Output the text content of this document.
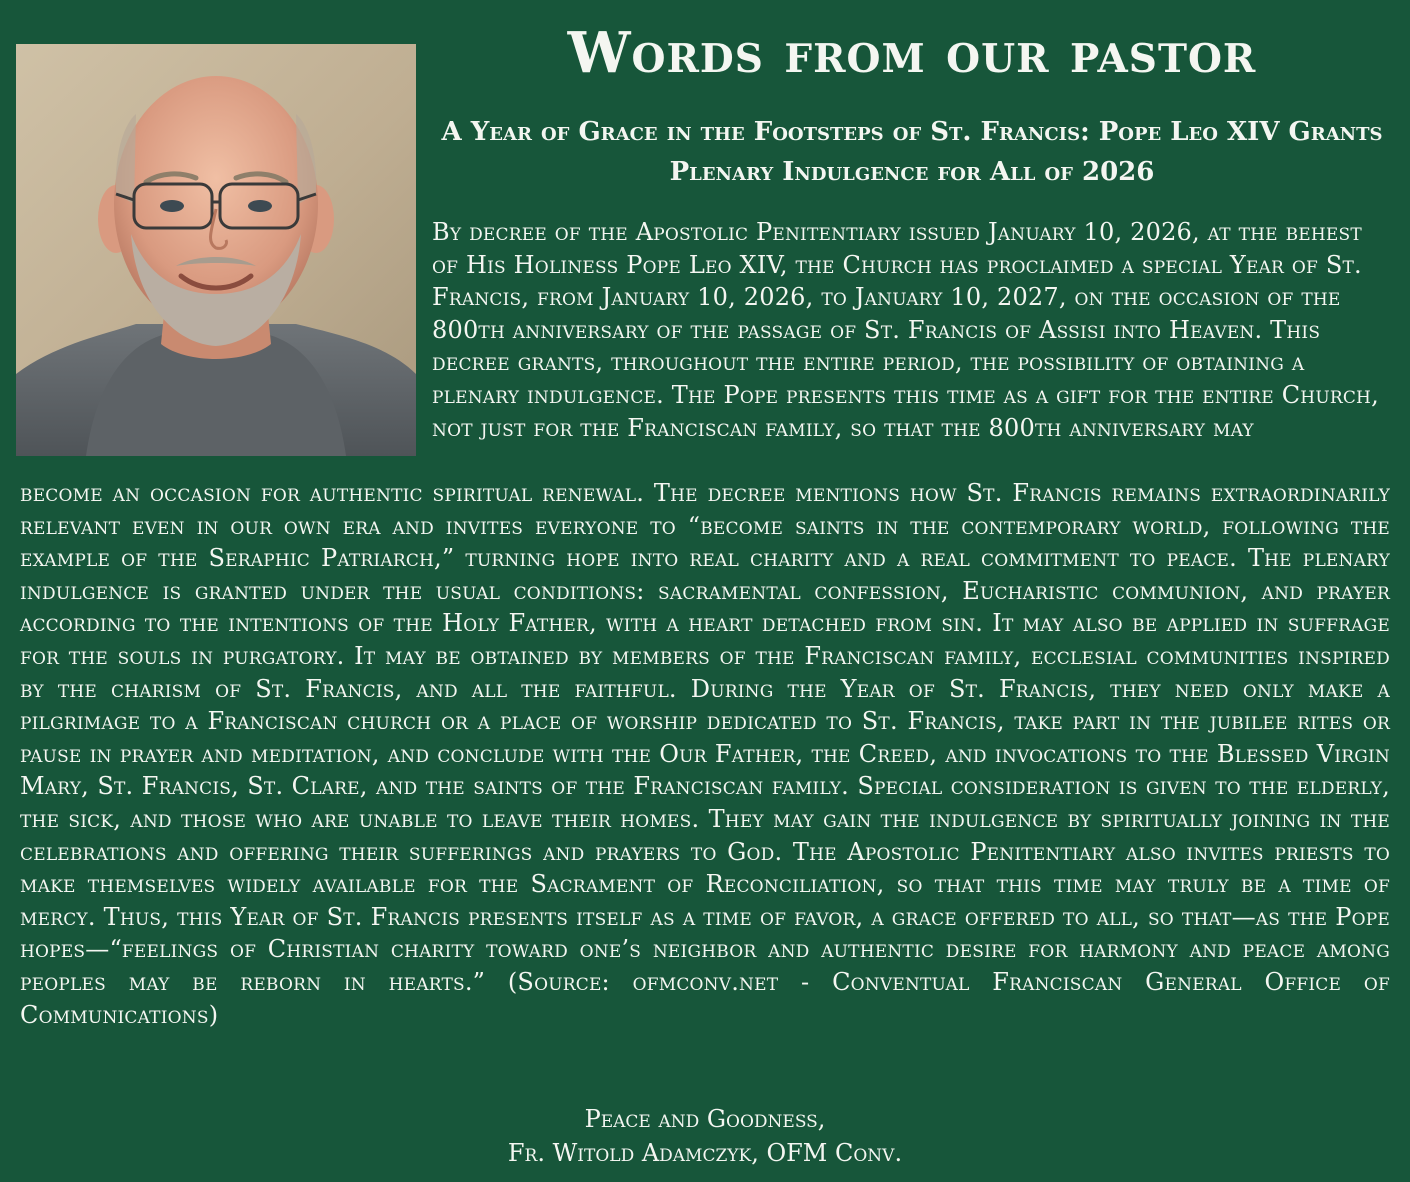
Words from our pastor
A Year of Grace in the Footsteps of St. Francis: Pope Leo XIV Grants Plenary Indulgence for All of 2026

By decree of the Apostolic Penitentiary issued January 10, 2026, at the behest of His Holiness Pope Leo XIV, the Church has proclaimed a special Year of St. Francis, from January 10, 2026, to January 10, 2027, on the occasion of the 800th anniversary of the passage of St. Francis of Assisi into Heaven. This decree grants, throughout the entire period, the possibility of obtaining a plenary indulgence. The Pope presents this time as a gift for the entire Church, not just for the Franciscan family, so that the 800th anniversary may

become an occasion for authentic spiritual renewal. The decree mentions how St. Francis remains extraordinarily relevant even in our own era and invites everyone to “become saints in the contemporary world, following the example of the Seraphic Patriarch,” turning hope into real charity and a real commitment to peace. The plenary indulgence is granted under the usual conditions: sacramental confession, Eucharistic communion, and prayer according to the intentions of the Holy Father, with a heart detached from sin. It may also be applied in suffrage for the souls in purgatory. It may be obtained by members of the Franciscan family, ecclesial communities inspired by the charism of St. Francis, and all the faithful. During the Year of St. Francis, they need only make a pilgrimage to a Franciscan church or a place of worship dedicated to St. Francis, take part in the jubilee rites or pause in prayer and meditation, and conclude with the Our Father, the Creed, and invocations to the Blessed Virgin Mary, St. Francis, St. Clare, and the saints of the Franciscan family. Special consideration is given to the elderly, the sick, and those who are unable to leave their homes. They may gain the indulgence by spiritually joining in the celebrations and offering their sufferings and prayers to God. The Apostolic Penitentiary also invites priests to make themselves widely available for the Sacrament of Reconciliation, so that this time may truly be a time of mercy. Thus, this Year of St. Francis presents itself as a time of favor, a grace offered to all, so that—as the Pope hopes—“feelings of Christian charity toward one’s neighbor and authentic desire for harmony and peace among peoples may be reborn in hearts.” (Source: ofmconv.net - Conventual Franciscan General Office of Communications)

Peace and Goodness,
Fr. Witold Adamczyk, OFM Conv.
